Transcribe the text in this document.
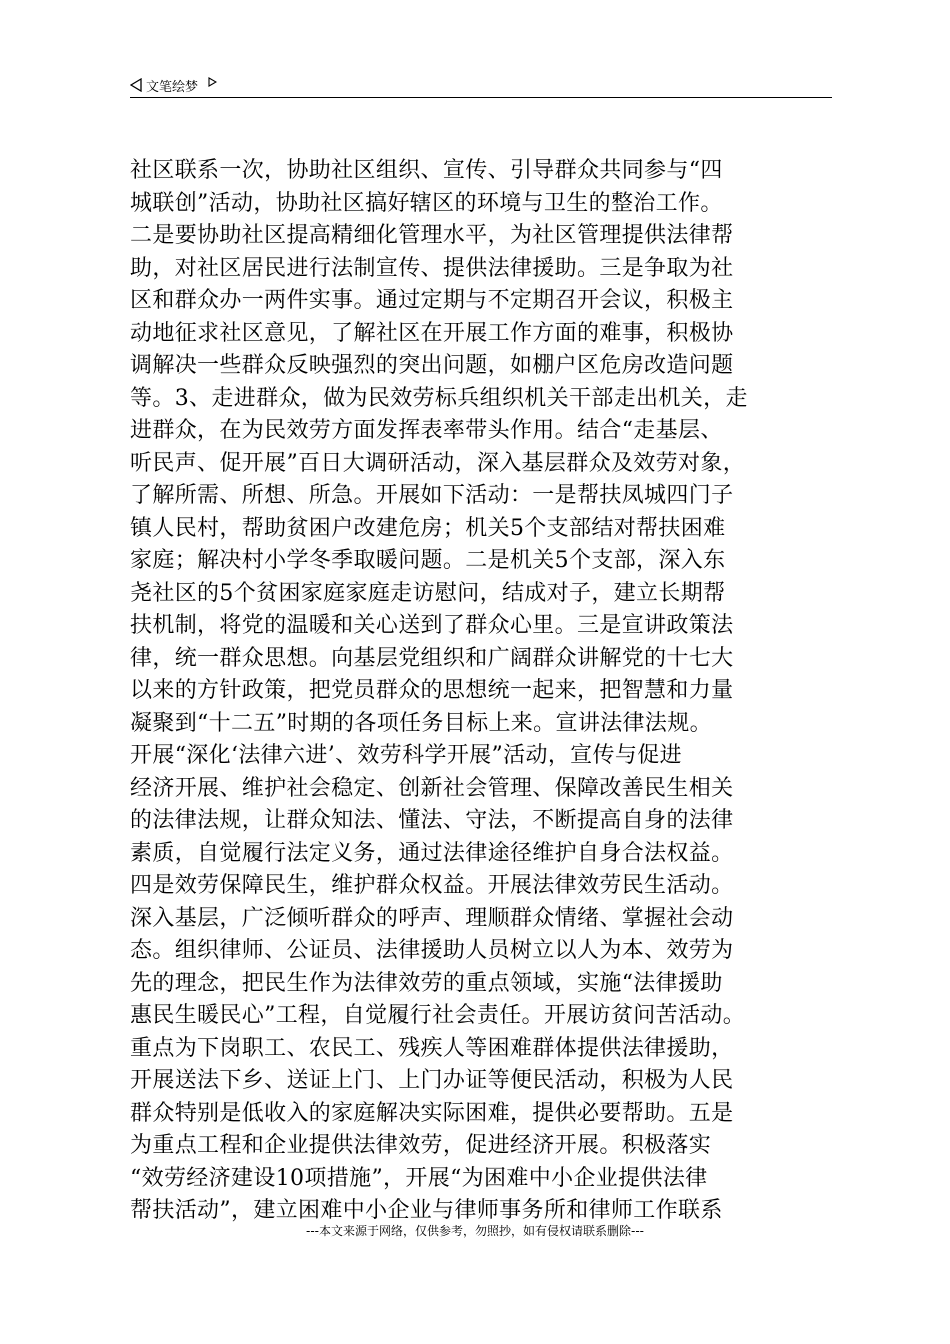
文笔绘梦
社区联系一次，协助社区组织、宣传、引导群众共同参与“四
城联创”活动，协助社区搞好辖区的环境与卫生的整治工作。
二是要协助社区提高精细化管理水平，为社区管理提供法律帮
助，对社区居民进行法制宣传、提供法律援助。三是争取为社
区和群众办一两件实事。通过定期与不定期召开会议，积极主
动地征求社区意见，了解社区在开展工作方面的难事，积极协
调解决一些群众反映强烈的突出问题，如棚户区危房改造问题
等。3、走进群众，做为民效劳标兵组织机关干部走出机关，走
进群众，在为民效劳方面发挥表率带头作用。结合“走基层、
听民声、促开展”百日大调研活动，深入基层群众及效劳对象，
了解所需、所想、所急。开展如下活动：一是帮扶凤城四门子
镇人民村，帮助贫困户改建危房；机关5个支部结对帮扶困难
家庭；解决村小学冬季取暖问题。二是机关5个支部，深入东
尧社区的5个贫困家庭家庭走访慰问，结成对子，建立长期帮
扶机制，将党的温暖和关心送到了群众心里。三是宣讲政策法
律，统一群众思想。向基层党组织和广阔群众讲解党的十七大
以来的方针政策，把党员群众的思想统一起来，把智慧和力量
凝聚到“十二五”时期的各项任务目标上来。宣讲法律法规。
开展“深化‘法律六进’、效劳科学开展”活动，宣传与促进
经济开展、维护社会稳定、创新社会管理、保障改善民生相关
的法律法规，让群众知法、懂法、守法，不断提高自身的法律
素质，自觉履行法定义务，通过法律途径维护自身合法权益。
四是效劳保障民生，维护群众权益。开展法律效劳民生活动。
深入基层，广泛倾听群众的呼声、理顺群众情绪、掌握社会动
态。组织律师、公证员、法律援助人员树立以人为本、效劳为
先的理念，把民生作为法律效劳的重点领域，实施“法律援助
惠民生暖民心”工程，自觉履行社会责任。开展访贫问苦活动。
重点为下岗职工、农民工、残疾人等困难群体提供法律援助，
开展送法下乡、送证上门、上门办证等便民活动，积极为人民
群众特别是低收入的家庭解决实际困难，提供必要帮助。五是
为重点工程和企业提供法律效劳，促进经济开展。积极落实
“效劳经济建设10项措施”，开展“为困难中小企业提供法律
帮扶活动”，建立困难中小企业与律师事务所和律师工作联系
---本文来源于网络，仅供参考，勿照抄，如有侵权请联系删除---
